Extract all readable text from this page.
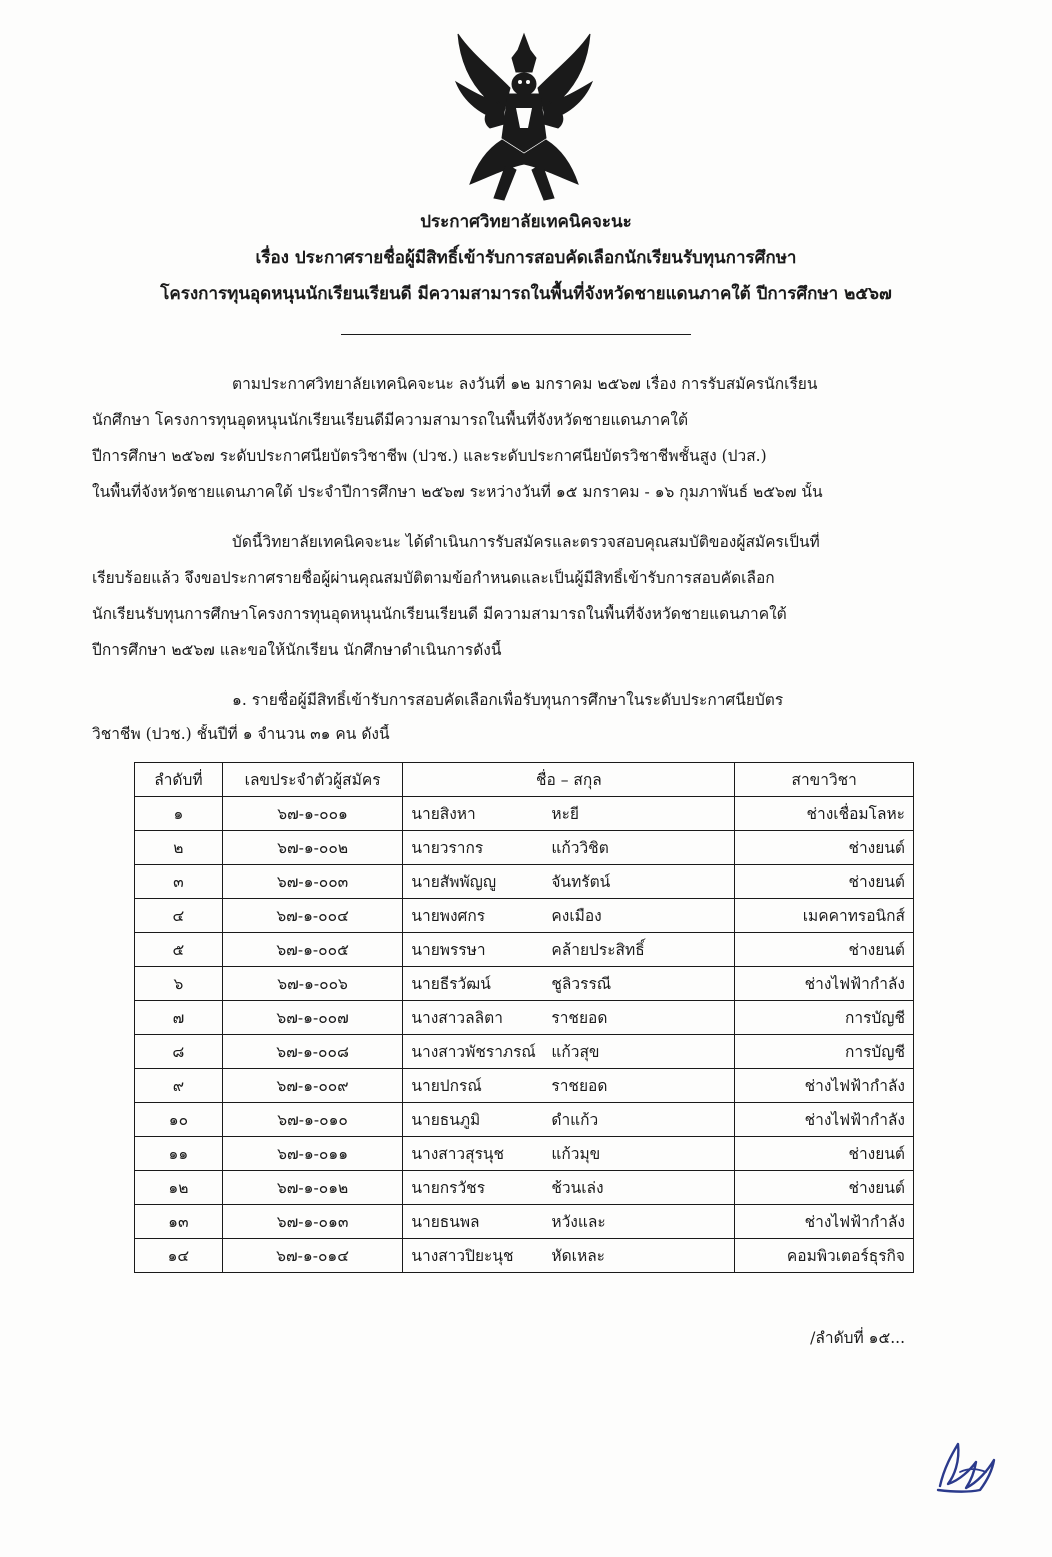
ประกาศวิทยาลัยเทคนิคจะนะ
เรื่อง ประกาศรายชื่อผู้มีสิทธิ์เข้ารับการสอบคัดเลือกนักเรียนรับทุนการศึกษา
โครงการทุนอุดหนุนนักเรียนเรียนดี มีความสามารถในพื้นที่จังหวัดชายแดนภาคใต้ ปีการศึกษา ๒๕๖๗
ตามประกาศวิทยาลัยเทคนิคจะนะ ลงวันที่ ๑๒ มกราคม ๒๕๖๗ เรื่อง การรับสมัครนักเรียน
นักศึกษา โครงการทุนอุดหนุนนักเรียนเรียนดีมีความสามารถในพื้นที่จังหวัดชายแดนภาคใต้
ปีการศึกษา ๒๕๖๗ ระดับประกาศนียบัตรวิชาชีพ (ปวช.) และระดับประกาศนียบัตรวิชาชีพชั้นสูง (ปวส.)
ในพื้นที่จังหวัดชายแดนภาคใต้ ประจำปีการศึกษา ๒๕๖๗ ระหว่างวันที่ ๑๕ มกราคม - ๑๖ กุมภาพันธ์ ๒๕๖๗ นั้น
บัดนี้วิทยาลัยเทคนิคจะนะ ได้ดำเนินการรับสมัครและตรวจสอบคุณสมบัติของผู้สมัครเป็นที่
เรียบร้อยแล้ว จึงขอประกาศรายชื่อผู้ผ่านคุณสมบัติตามข้อกำหนดและเป็นผู้มีสิทธิ์เข้ารับการสอบคัดเลือก
นักเรียนรับทุนการศึกษาโครงการทุนอุดหนุนนักเรียนเรียนดี มีความสามารถในพื้นที่จังหวัดชายแดนภาคใต้
ปีการศึกษา ๒๕๖๗ และขอให้นักเรียน นักศึกษาดำเนินการดังนี้
๑. รายชื่อผู้มีสิทธิ์เข้ารับการสอบคัดเลือกเพื่อรับทุนการศึกษาในระดับประกาศนียบัตร
วิชาชีพ (ปวช.) ชั้นปีที่ ๑ จำนวน ๓๑ คน ดังนี้
ลำดับที่	เลขประจำตัวผู้สมัคร	ชื่อ – สกุล	สาขาวิชา
๑	๖๗-๑-๐๐๑	นายสิงหา หะยี	ช่างเชื่อมโลหะ
๒	๖๗-๑-๐๐๒	นายวรากร แก้ววิชิต	ช่างยนต์
๓	๖๗-๑-๐๐๓	นายสัพพัญญู จันทรัตน์	ช่างยนต์
๔	๖๗-๑-๐๐๔	นายพงศกร คงเมือง	เมคคาทรอนิกส์
๕	๖๗-๑-๐๐๕	นายพรรษา คล้ายประสิทธิ์	ช่างยนต์
๖	๖๗-๑-๐๐๖	นายธีรวัฒน์ ชูลิวรรณี	ช่างไฟฟ้ากำลัง
๗	๖๗-๑-๐๐๗	นางสาวลลิตา ราชยอด	การบัญชี
๘	๖๗-๑-๐๐๘	นางสาวพัชราภรณ์ แก้วสุข	การบัญชี
๙	๖๗-๑-๐๐๙	นายปกรณ์ ราชยอด	ช่างไฟฟ้ากำลัง
๑๐	๖๗-๑-๐๑๐	นายธนภูมิ ดำแก้ว	ช่างไฟฟ้ากำลัง
๑๑	๖๗-๑-๐๑๑	นางสาวสุรนุช แก้วมุข	ช่างยนต์
๑๒	๖๗-๑-๐๑๒	นายกรวัชร ช้วนเล่ง	ช่างยนต์
๑๓	๖๗-๑-๐๑๓	นายธนพล หวังและ	ช่างไฟฟ้ากำลัง
๑๔	๖๗-๑-๐๑๔	นางสาวปิยะนุช หัดเหละ	คอมพิวเตอร์ธุรกิจ
/ลำดับที่ ๑๕...
